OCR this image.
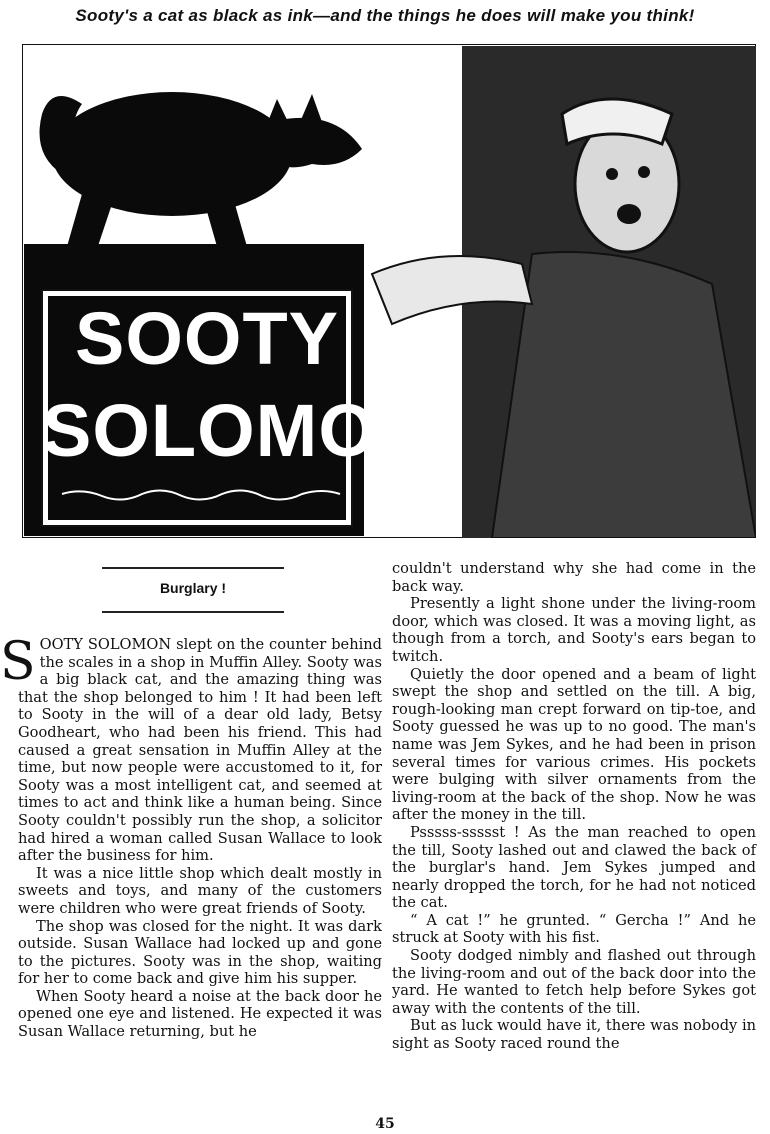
Sooty's a cat as black as ink—and the things he does will make you think!
SOOTY
SOLOMON
Burglary !

SOOTY SOLOMON slept on the counter behind the scales in a shop in Muffin Alley. Sooty was a big black cat, and the amazing thing was that the shop belonged to him ! It had been left to Sooty in the will of a dear old lady, Betsy Goodheart, who had been his friend. This had caused a great sensation in Muffin Alley at the time, but now people were accustomed to it, for Sooty was a most intelligent cat, and seemed at times to act and think like a human being. Since Sooty couldn't possibly run the shop, a solicitor had hired a woman called Susan Wallace to look after the business for him.

It was a nice little shop which dealt mostly in sweets and toys, and many of the customers were children who were great friends of Sooty.

The shop was closed for the night. It was dark outside. Susan Wallace had locked up and gone to the pictures. Sooty was in the shop, waiting for her to come back and give him his supper.

When Sooty heard a noise at the back door he opened one eye and listened. He expected it was Susan Wallace returning, but he

couldn't understand why she had come in the back way.

Presently a light shone under the living-room door, which was closed. It was a moving light, as though from a torch, and Sooty's ears began to twitch.

Quietly the door opened and a beam of light swept the shop and settled on the till. A big, rough-looking man crept forward on tip-toe, and Sooty guessed he was up to no good. The man's name was Jem Sykes, and he had been in prison several times for various crimes. His pockets were bulging with silver ornaments from the living-room at the back of the shop. Now he was after the money in the till.

Psssss-ssssst ! As the man reached to open the till, Sooty lashed out and clawed the back of the burglar's hand. Jem Sykes jumped and nearly dropped the torch, for he had not noticed the cat.

“ A cat !” he grunted. “ Gercha !” And he struck at Sooty with his fist.

Sooty dodged nimbly and flashed out through the living-room and out of the back door into the yard. He wanted to fetch help before Sykes got away with the contents of the till.

But as luck would have it, there was nobody in sight as Sooty raced round the

45
